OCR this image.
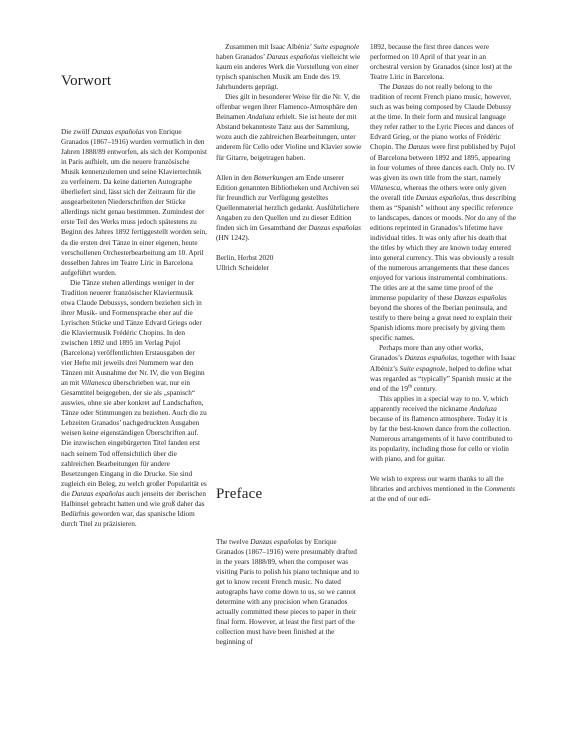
Vorwort

Die zwölf Danzas españolas von Enrique Granados (1867–1916) wurden vermutlich in den Jahren 1888/89 entworfen, als sich der Komponist in Paris aufhielt, um die neuere französische Musik kennenzulernen und seine Klaviertechnik zu verfeinern. Da keine datierten Autographe überliefert sind, lässt sich der Zeitraum für die ausgearbeiteten Niederschriften der Stücke allerdings nicht genau bestimmen. Zumindest der erste Teil des Werks muss jedoch spätestens zu Beginn des Jahres 1892 fertiggestellt worden sein, da die ersten drei Tänze in einer eigenen, heute verschollenen Orchesterbearbeitung am 10. April desselben Jahres im Teatre Líric in Barcelona aufgeführt wurden.

Die Tänze stehen allerdings weniger in der Tradition neuerer französischer Klaviermusik etwa Claude Debussys, sondern beziehen sich in ihrer Musik- und Formensprache eher auf die Lyrischen Stücke und Tänze Edvard Griegs oder die Klaviermusik Frédéric Chopins. In den zwischen 1892 und 1895 im Verlag Pujol (Barcelona) veröffentlichten Erstausgaben der vier Hefte mit jeweils drei Nummern war den Tänzen mit Ausnahme der Nr. IV, die von Beginn an mit Villanesca überschrieben war, nur ein Gesamttitel beigegeben, der sie als „spanisch“ auswies, ohne sie aber konkret auf Landschaften, Tänze oder Stimmungen zu beziehen. Auch die zu Lebzeiten Granados’ nachgedruckten Ausgaben weisen keine eigenständigen Überschriften auf. Die inzwischen eingebürgerten Titel fanden erst nach seinem Tod offensichtlich über die zahlreichen Bearbeitungen für andere Besetzungen Eingang in die Drucke. Sie sind zugleich ein Beleg, zu welch großer Popularität es die Danzas españolas auch jenseits der iberischen Halbinsel gebracht hatten und wie groß daher das Bedürfnis geworden war, das spanische Idiom durch Titel zu präzisieren.

Zusammen mit Isaac Albéniz’ Suite espagnole haben Granados’ Danzas españolas vielleicht wie kaum ein anderes Werk die Vorstellung von einer typisch spanischen Musik am Ende des 19. Jahrhunderts geprägt.

Dies gilt in besonderer Weise für die Nr. V, die offenbar wegen ihrer Flamenco-Atmosphäre den Beinamen Andaluza erhielt. Sie ist heute der mit Abstand bekannteste Tanz aus der Sammlung, wozu auch die zahlreichen Bearbeitungen, unter anderem für Cello oder Violine und Klavier sowie für Gitarre, beigetragen haben.

Allen in den Bemerkungen am Ende unserer Edition genannten Bibliotheken und Archiven sei für freundlich zur Verfügung gestelltes Quellenmaterial herzlich gedankt. Ausführlichere Angaben zu den Quellen und zu dieser Edition finden sich im Gesamtband der Danzas españolas (HN 1242).

Berlin, Herbst 2020

Ullrich Scheideler

Preface

The twelve Danzas españolas by Enrique Granados (1867–1916) were presumably drafted in the years 1888/89, when the composer was visiting Paris to polish his piano technique and to get to know recent French music. No dated autographs have come down to us, so we cannot determine with any precision when Granados actually committed these pieces to paper in their final form. However, at least the first part of the collection must have been finished at the beginning of

1892, because the first three dances were performed on 10 April of that year in an orchestral version by Granados (since lost) at the Teatre Líric in Barcelona.

The Danzas do not really belong to the tradition of recent French piano music, however, such as was being composed by Claude Debussy at the time. In their form and musical language they refer rather to the Lyric Pieces and dances of Edvard Grieg, or the piano works of Frédéric Chopin. The Danzas were first published by Pujol of Barcelona between 1892 and 1895, appearing in four volumes of three dances each. Only no. IV was given its own title from the start, namely Villanesca, whereas the others were only given the overall title Danzas españolas, thus describing them as “Spanish” without any specific reference to landscapes, dances or moods. Nor do any of the editions reprinted in Granados’s lifetime have individual titles. It was only after his death that the titles by which they are known today entered into general currency. This was obviously a result of the numerous arrangements that these dances enjoyed for various instrumental combinations. The titles are at the same time proof of the immense popularity of these Danzas españolas beyond the shores of the Iberian peninsula, and testify to there being a great need to explain their Spanish idioms more precisely by giving them specific names.

Perhaps more than any other works, Granados’s Danzas españolas, together with Isaac Albéniz’s Suite espagnole, helped to define what was regarded as “typically” Spanish music at the end of the 19th century.

This applies in a special way to no. V, which apparently received the nickname Andaluza because of its flamenco atmosphere. Today it is by far the best-known dance from the collection. Numerous arrangements of it have contributed to its popularity, including those for cello or violin with piano, and for guitar.

We wish to express our warm thanks to all the libraries and archives mentioned in the Comments at the end of our edi-
